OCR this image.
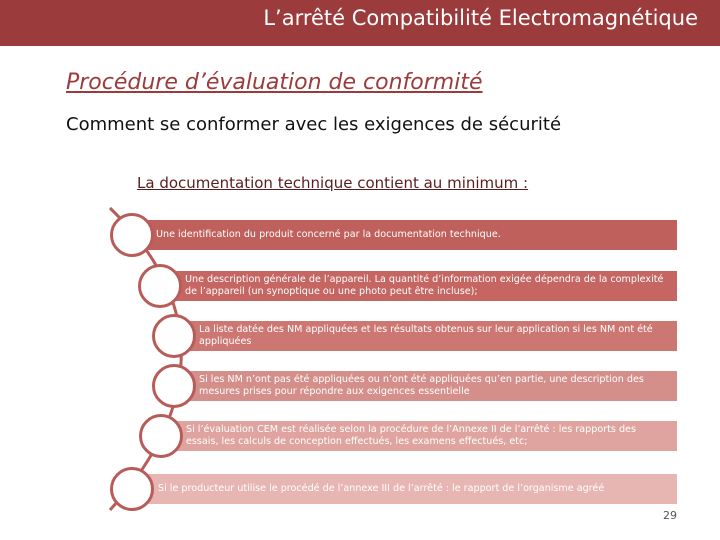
L’arrêté Compatibilité Electromagnétique
Procédure d’évaluation de conformité
Comment se conformer avec les exigences de sécurité
La documentation technique contient au minimum :
Une identification du produit concerné par la documentation technique.
Une description générale de l’appareil. La quantité d’information exigée dépendra de la complexité de l’appareil (un synoptique ou une photo peut être incluse);
La liste datée des NM appliquées et les résultats obtenus sur leur application si les NM ont été appliquées
Si les NM n’ont pas été appliquées ou n’ont été appliquées qu’en partie, une description des mesures prises pour répondre aux exigences essentielle
Si l’évaluation CEM est réalisée selon la procédure de l’Annexe II de l’arrêté : les rapports des essais, les calculs de conception effectués, les examens effectués, etc;
Si le producteur utilise le procédé de l’annexe III de l’arrêté : le rapport de l’organisme agréé
29
